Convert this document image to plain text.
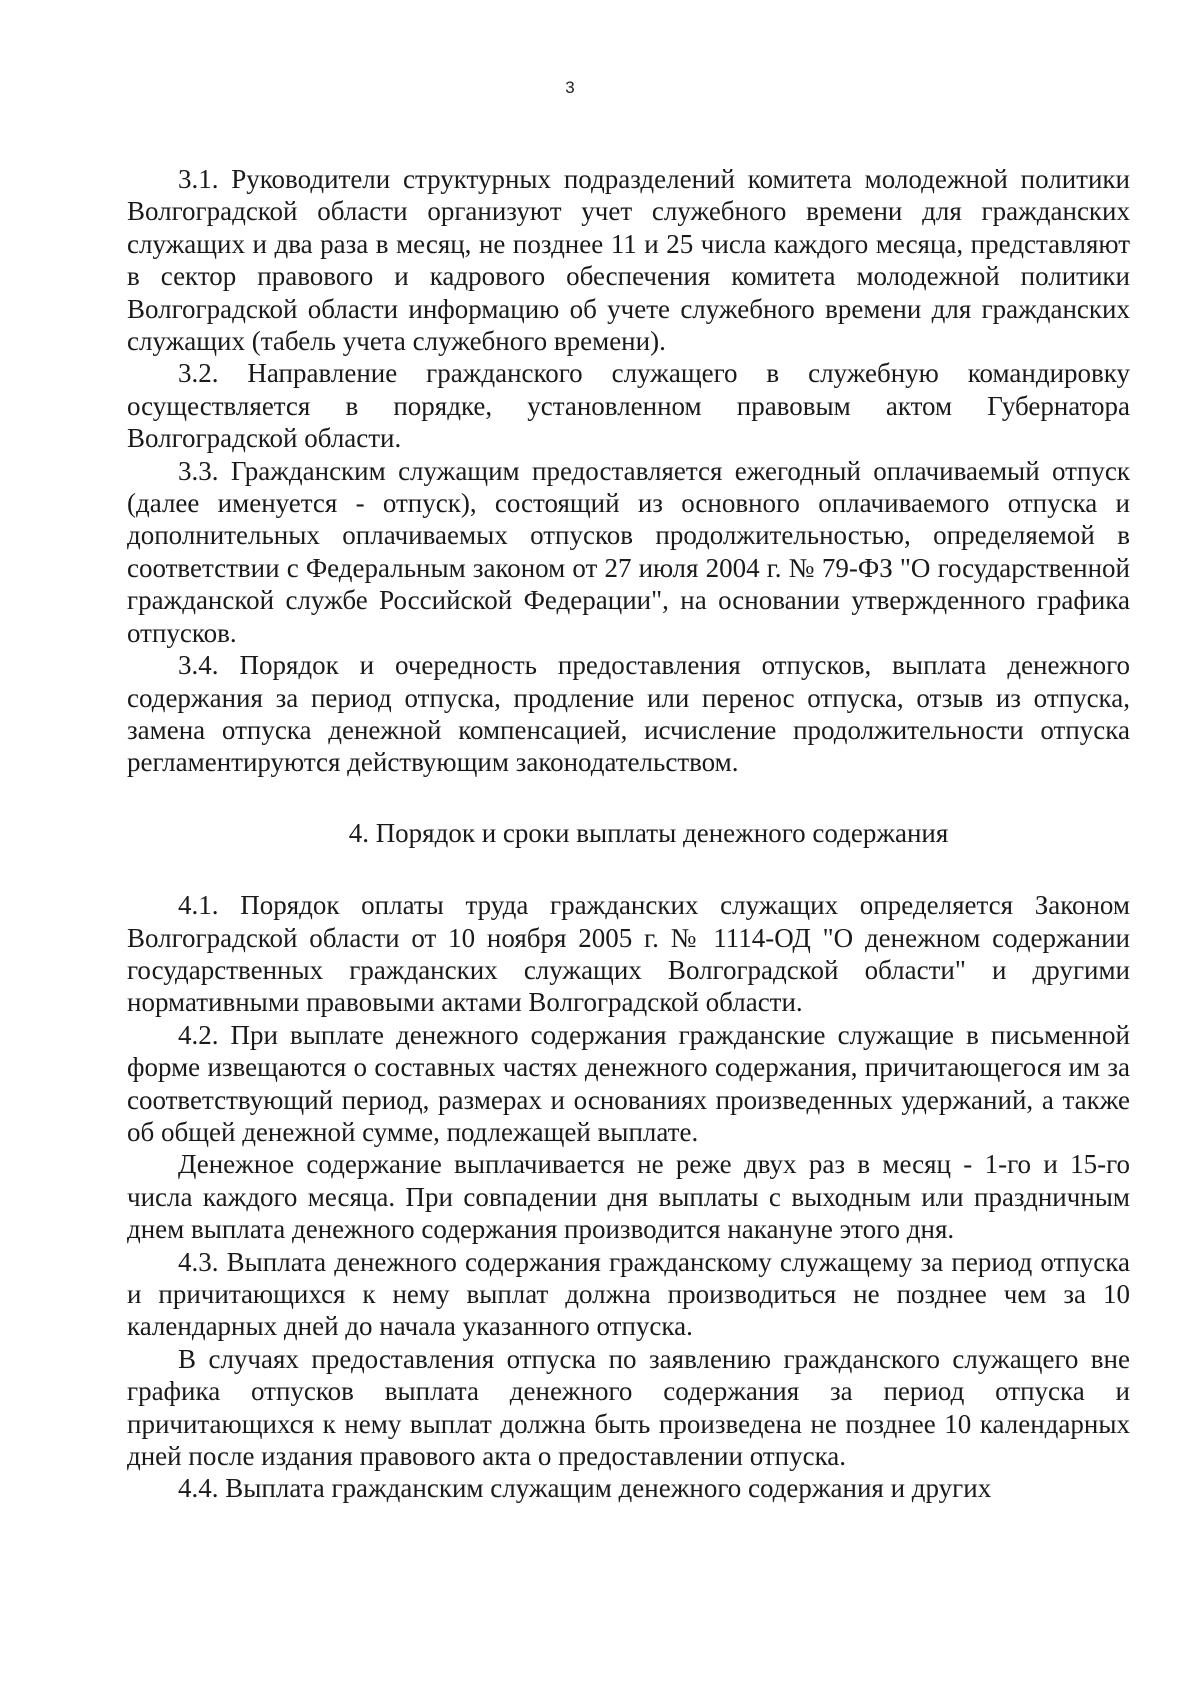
3

3.1. Руководители структурных подразделений комитета молодежной политики Волгоградской области организуют учет служебного времени для гражданских служащих и два раза в месяц, не позднее 11 и 25 числа каждого месяца, представляют в сектор правового и кадрового обеспечения комитета молодежной политики Волгоградской области информацию об учете служебного времени для гражданских служащих (табель учета служебного времени).

3.2. Направление гражданского служащего в служебную командировку осуществляется в порядке, установленном правовым актом Губернатора Волгоградской области.

3.3. Гражданским служащим предоставляется ежегодный оплачиваемый отпуск (далее именуется - отпуск), состоящий из основного оплачиваемого отпуска и дополнительных оплачиваемых отпусков продолжительностью, определяемой в соответствии с Федеральным законом от 27 июля 2004 г. № 79-ФЗ "О государственной гражданской службе Российской Федерации", на основании утвержденного графика отпусков.

3.4. Порядок и очередность предоставления отпусков, выплата денежного содержания за период отпуска, продление или перенос отпуска, отзыв из отпуска, замена отпуска денежной компенсацией, исчисление продолжительности отпуска регламентируются действующим законодательством.

4. Порядок и сроки выплаты денежного содержания

4.1. Порядок оплаты труда гражданских служащих определяется Законом Волгоградской области от 10 ноября 2005 г. № 1114-ОД "О денежном содержании государственных гражданских служащих Волгоградской области" и другими нормативными правовыми актами Волгоградской области.

4.2. При выплате денежного содержания гражданские служащие в письменной форме извещаются о составных частях денежного содержания, причитающегося им за соответствующий период, размерах и основаниях произведенных удержаний, а также об общей денежной сумме, подлежащей выплате.

Денежное содержание выплачивается не реже двух раз в месяц - 1-го и 15-го числа каждого месяца. При совпадении дня выплаты с выходным или праздничным днем выплата денежного содержания производится накануне этого дня.

4.3. Выплата денежного содержания гражданскому служащему за период отпуска и причитающихся к нему выплат должна производиться не позднее чем за 10 календарных дней до начала указанного отпуска.

В случаях предоставления отпуска по заявлению гражданского служащего вне графика отпусков выплата денежного содержания за период отпуска и причитающихся к нему выплат должна быть произведена не позднее 10 календарных дней после издания правового акта о предоставлении отпуска.

4.4. Выплата гражданским служащим денежного содержания и других
